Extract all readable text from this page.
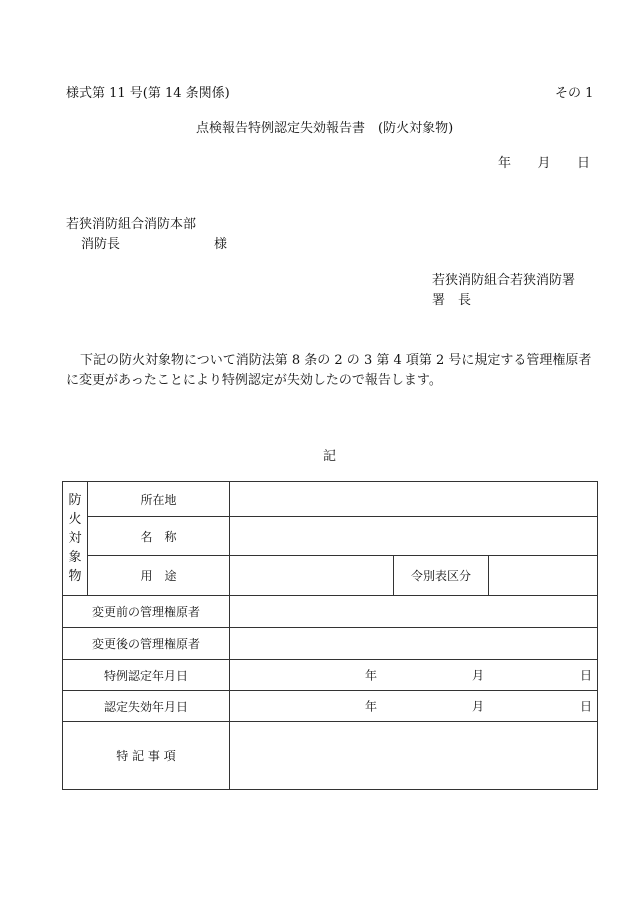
様式第 11 号(第 14 条関係)	その 1
点検報告特例認定失効報告書　(防火対象物)
年 月 日
若狭消防組合消防本部
消防長	様
若狭消防組合若狭消防署
署　長
下記の防火対象物について消防法第 8 条の 2 の 3 第 4 項第 2 号に規定する管理権原者
に変更があったことにより特例認定が失効したので報告します。
記
防
火
対
象
物	所在地			
	名　称			
	用　途		令別表区分	
変更前の管理権原者				
変更後の管理権原者				
特例認定年月日		年 月 日		

認定失効年月日		年 月 日		

特 記 事 項				
